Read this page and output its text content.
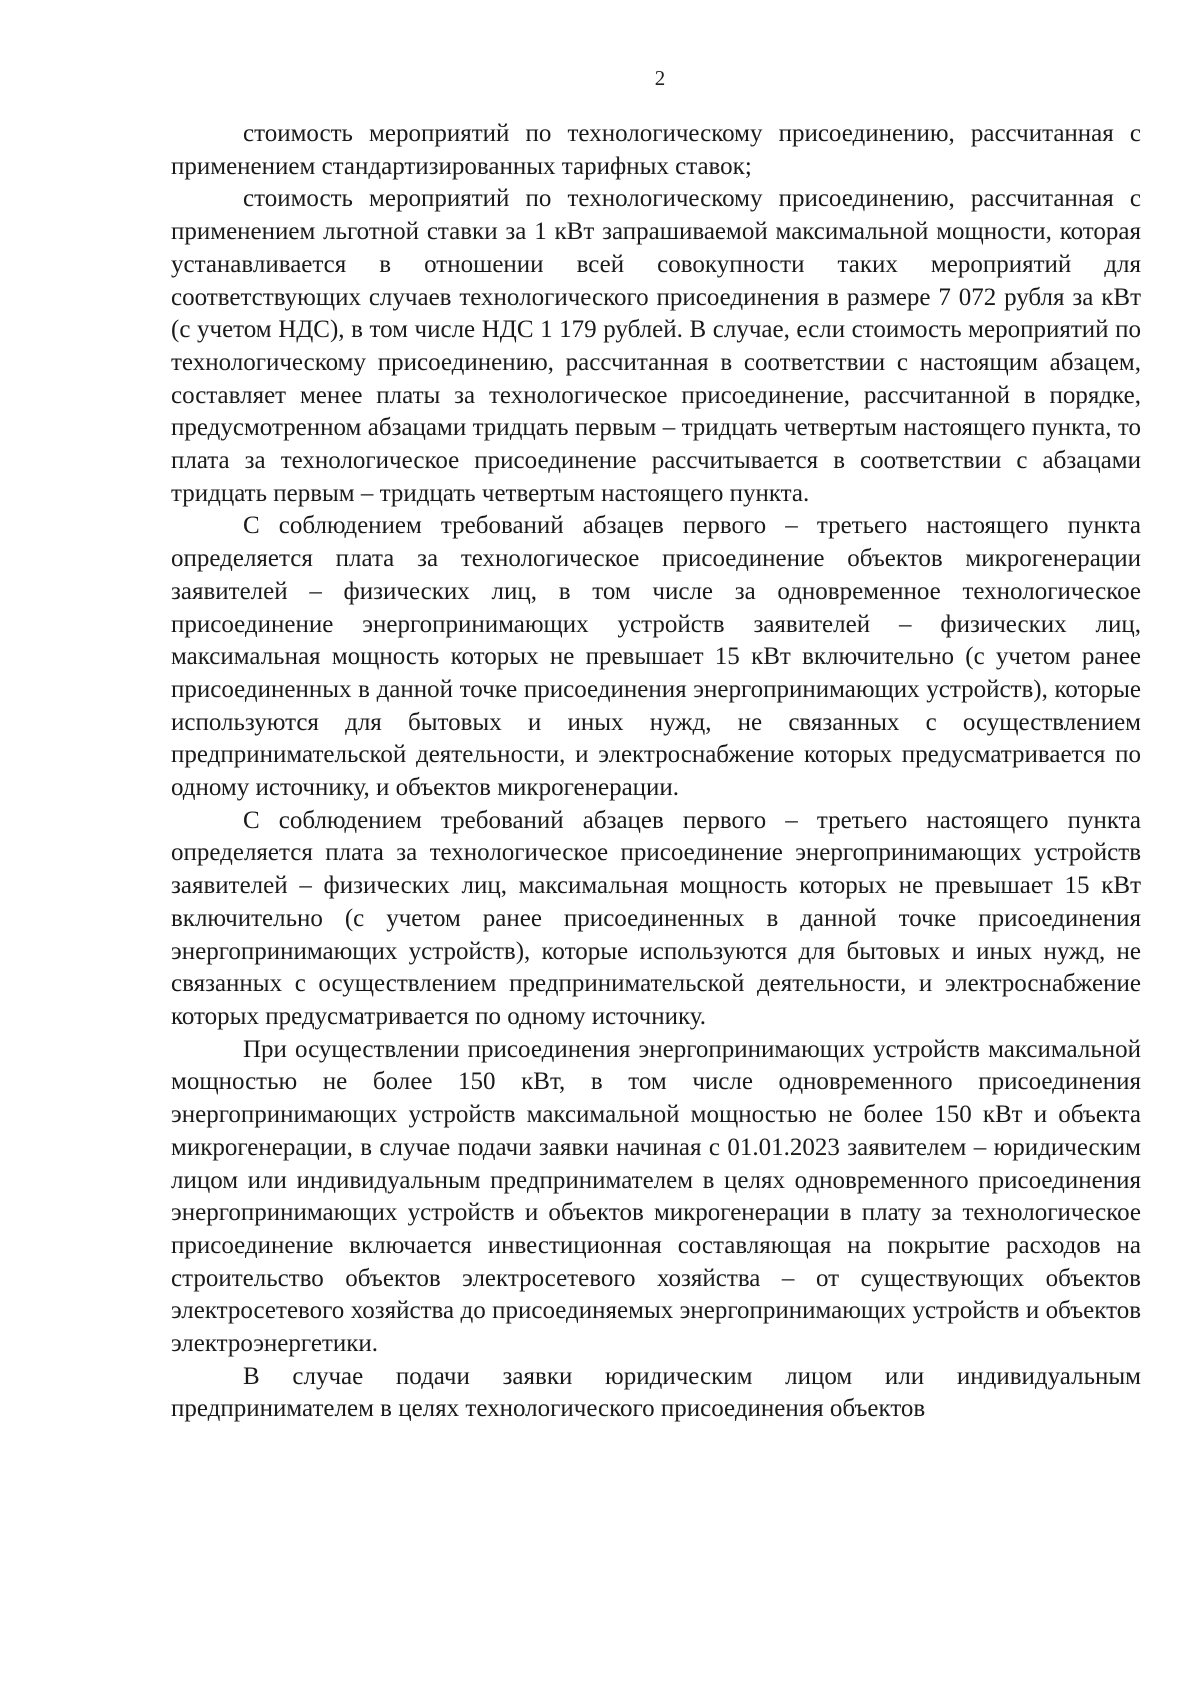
2

стоимость мероприятий по технологическому присоединению, рассчитанная с применением стандартизированных тарифных ставок;

стоимость мероприятий по технологическому присоединению, рассчитанная с применением льготной ставки за 1 кВт запрашиваемой максимальной мощности, которая устанавливается в отношении всей совокупности таких мероприятий для соответствующих случаев технологического присоединения в размере 7 072 рубля за кВт (с учетом НДС), в том числе НДС 1 179 рублей. В случае, если стоимость мероприятий по технологическому присоединению, рассчитанная в соответствии с настоящим абзацем, составляет менее платы за технологическое присоединение, рассчитанной в порядке, предусмотренном абзацами тридцать первым – тридцать четвертым настоящего пункта, то плата за технологическое присоединение рассчитывается в соответствии с абзацами тридцать первым – тридцать четвертым настоящего пункта.

С соблюдением требований абзацев первого – третьего настоящего пункта определяется плата за технологическое присоединение объектов микрогенерации заявителей – физических лиц, в том числе за одновременное технологическое присоединение энергопринимающих устройств заявителей – физических лиц, максимальная мощность которых не превышает 15 кВт включительно (с учетом ранее присоединенных в данной точке присоединения энергопринимающих устройств), которые используются для бытовых и иных нужд, не связанных с осуществлением предпринимательской деятельности, и электроснабжение которых предусматривается по одному источнику, и объектов микрогенерации.

С соблюдением требований абзацев первого – третьего настоящего пункта определяется плата за технологическое присоединение энергопринимающих устройств заявителей – физических лиц, максимальная мощность которых не превышает 15 кВт включительно (с учетом ранее присоединенных в данной точке присоединения энергопринимающих устройств), которые используются для бытовых и иных нужд, не связанных с осуществлением предпринимательской деятельности, и электроснабжение которых предусматривается по одному источнику.

При осуществлении присоединения энергопринимающих устройств максимальной мощностью не более 150 кВт, в том числе одновременного присоединения энергопринимающих устройств максимальной мощностью не более 150 кВт и объекта микрогенерации, в случае подачи заявки начиная с 01.01.2023 заявителем – юридическим лицом или индивидуальным предпринимателем в целях одновременного присоединения энергопринимающих устройств и объектов микрогенерации в плату за технологическое присоединение включается инвестиционная составляющая на покрытие расходов на строительство объектов электросетевого хозяйства – от существующих объектов электросетевого хозяйства до присоединяемых энергопринимающих устройств и объектов электроэнергетики.

В случае подачи заявки юридическим лицом или индивидуальным предпринимателем в целях технологического присоединения объектов
